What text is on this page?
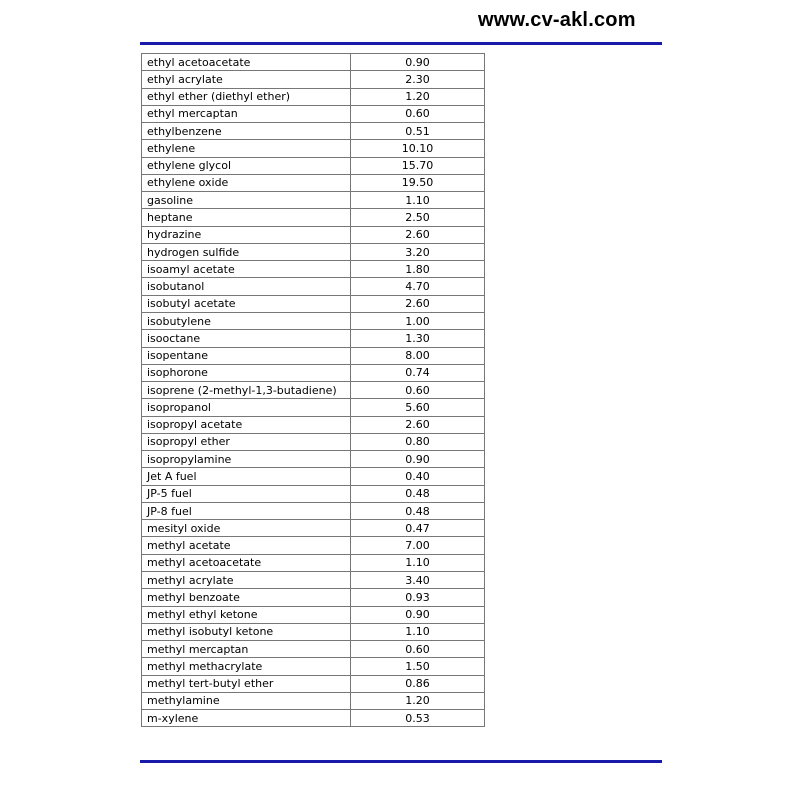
www.cv-akl.com
ethyl acetoacetate	0.90
ethyl acrylate	2.30
ethyl ether (diethyl ether)	1.20
ethyl mercaptan	0.60
ethylbenzene	0.51
ethylene	10.10
ethylene glycol	15.70
ethylene oxide	19.50
gasoline	1.10
heptane	2.50
hydrazine	2.60
hydrogen sulfide	3.20
isoamyl acetate	1.80
isobutanol	4.70
isobutyl acetate	2.60
isobutylene	1.00
isooctane	1.30
isopentane	8.00
isophorone	0.74
isoprene (2-methyl-1,3-butadiene)	0.60
isopropanol	5.60
isopropyl acetate	2.60
isopropyl ether	0.80
isopropylamine	0.90
Jet A fuel	0.40
JP-5 fuel	0.48
JP-8 fuel	0.48
mesityl oxide	0.47
methyl acetate	7.00
methyl acetoacetate	1.10
methyl acrylate	3.40
methyl benzoate	0.93
methyl ethyl ketone	0.90
methyl isobutyl ketone	1.10
methyl mercaptan	0.60
methyl methacrylate	1.50
methyl tert-butyl ether	0.86
methylamine	1.20
m-xylene	0.53
